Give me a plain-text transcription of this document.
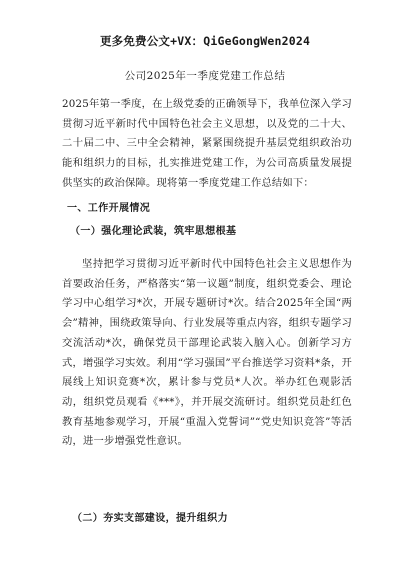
更多免费公文+VX：QiGeGongWen2024
公司2025年一季度党建工作总结
2025年第一季度，在上级党委的正确领导下，我单位深入学习贯彻习近平新时代中国特色社会主义思想，以及党的二十大、二十届二中、三中全会精神，紧紧围绕提升基层党组织政治功能和组织力的目标，扎实推进党建工作，为公司高质量发展提供坚实的政治保障。现将第一季度党建工作总结如下：
一、工作开展情况
（一）强化理论武装，筑牢思想根基
坚持把学习贯彻习近平新时代中国特色社会主义思想作为首要政治任务，严格落实“第一议题”制度，组织党委会、理论学习中心组学习*次，开展专题研讨*次。结合2025年全国“两会”精神，围绕政策导向、行业发展等重点内容，组织专题学习交流活动*次，确保党员干部理论武装入脑入心。创新学习方式，增强学习实效。利用“学习强国”平台推送学习资料*条，开展线上知识竞赛*次，累计参与党员*人次。举办红色观影活动，组织党员观看《***》，并开展交流研讨。组织党员赴红色教育基地参观学习，开展“重温入党誓词”“党史知识竞答”等活动，进一步增强党性意识。
（二）夯实支部建设，提升组织力
